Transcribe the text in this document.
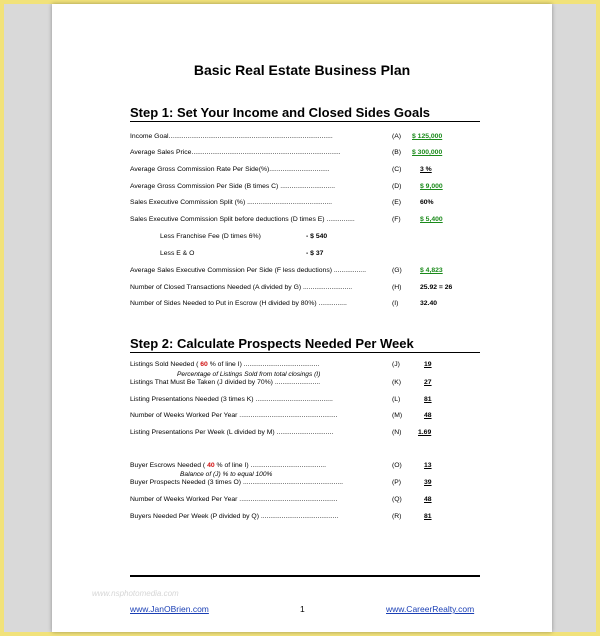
Basic Real Estate Business Plan
Step 1: Set Your Income and Closed Sides Goals
Income Goal.......................................................................................	(A) $ 125,000
Average Sales Price...............................................................................	(B) $ 300,000
Average Gross Commission Rate Per Side(%)................................	(C)	3 %
Average Gross Commission Per Side (B times C) .............................	(D)	$ 9,000
Sales Executive Commission Split (%) .............................................	(E)	60%
Sales Executive Commission Split before deductions (D times E) ...............	(F)	$ 5,400
Less Franchise Fee (D times 6%)	- $ 540
Less E & O	- $ 37
Average Sales Executive Commission Per Side (F less deductions) .................	(G)	$ 4,823
Number of Closed Transactions Needed (A divided by G) ..........................	(H)	25.92 = 26
Number of Sides Needed to Put in Escrow (H divided by 80%) ...............	(I)	32.40
Step 2: Calculate Prospects Needed Per Week
Listings Sold Needed ( 60 % of line I) ........................................	(J)	19
Percentage of Listings Sold from total closings (I)
Listings That Must Be Taken (J divided by 70%) ........................	(K)	27
Listing Presentations Needed (3 times K) .........................................	(L)	81
Number of Weeks Worked Per Year ....................................................	(M)	48
Listing Presentations Per Week (L divided by M) ..............................	(N) 1.69
Buyer Escrows Needed ( 40 % of line I) ........................................	(O)	13
Balance of (J) % to equal 100%
Buyer Prospects Needed (3 times O) .....................................................	(P)	39
Number of Weeks Worked Per Year ....................................................	(Q)	48
Buyers Needed Per Week (P divided by Q) .........................................	(R)	81
www.nsphotomedia.com
www.JanOBrien.com	1	www.CareerRealty.com
